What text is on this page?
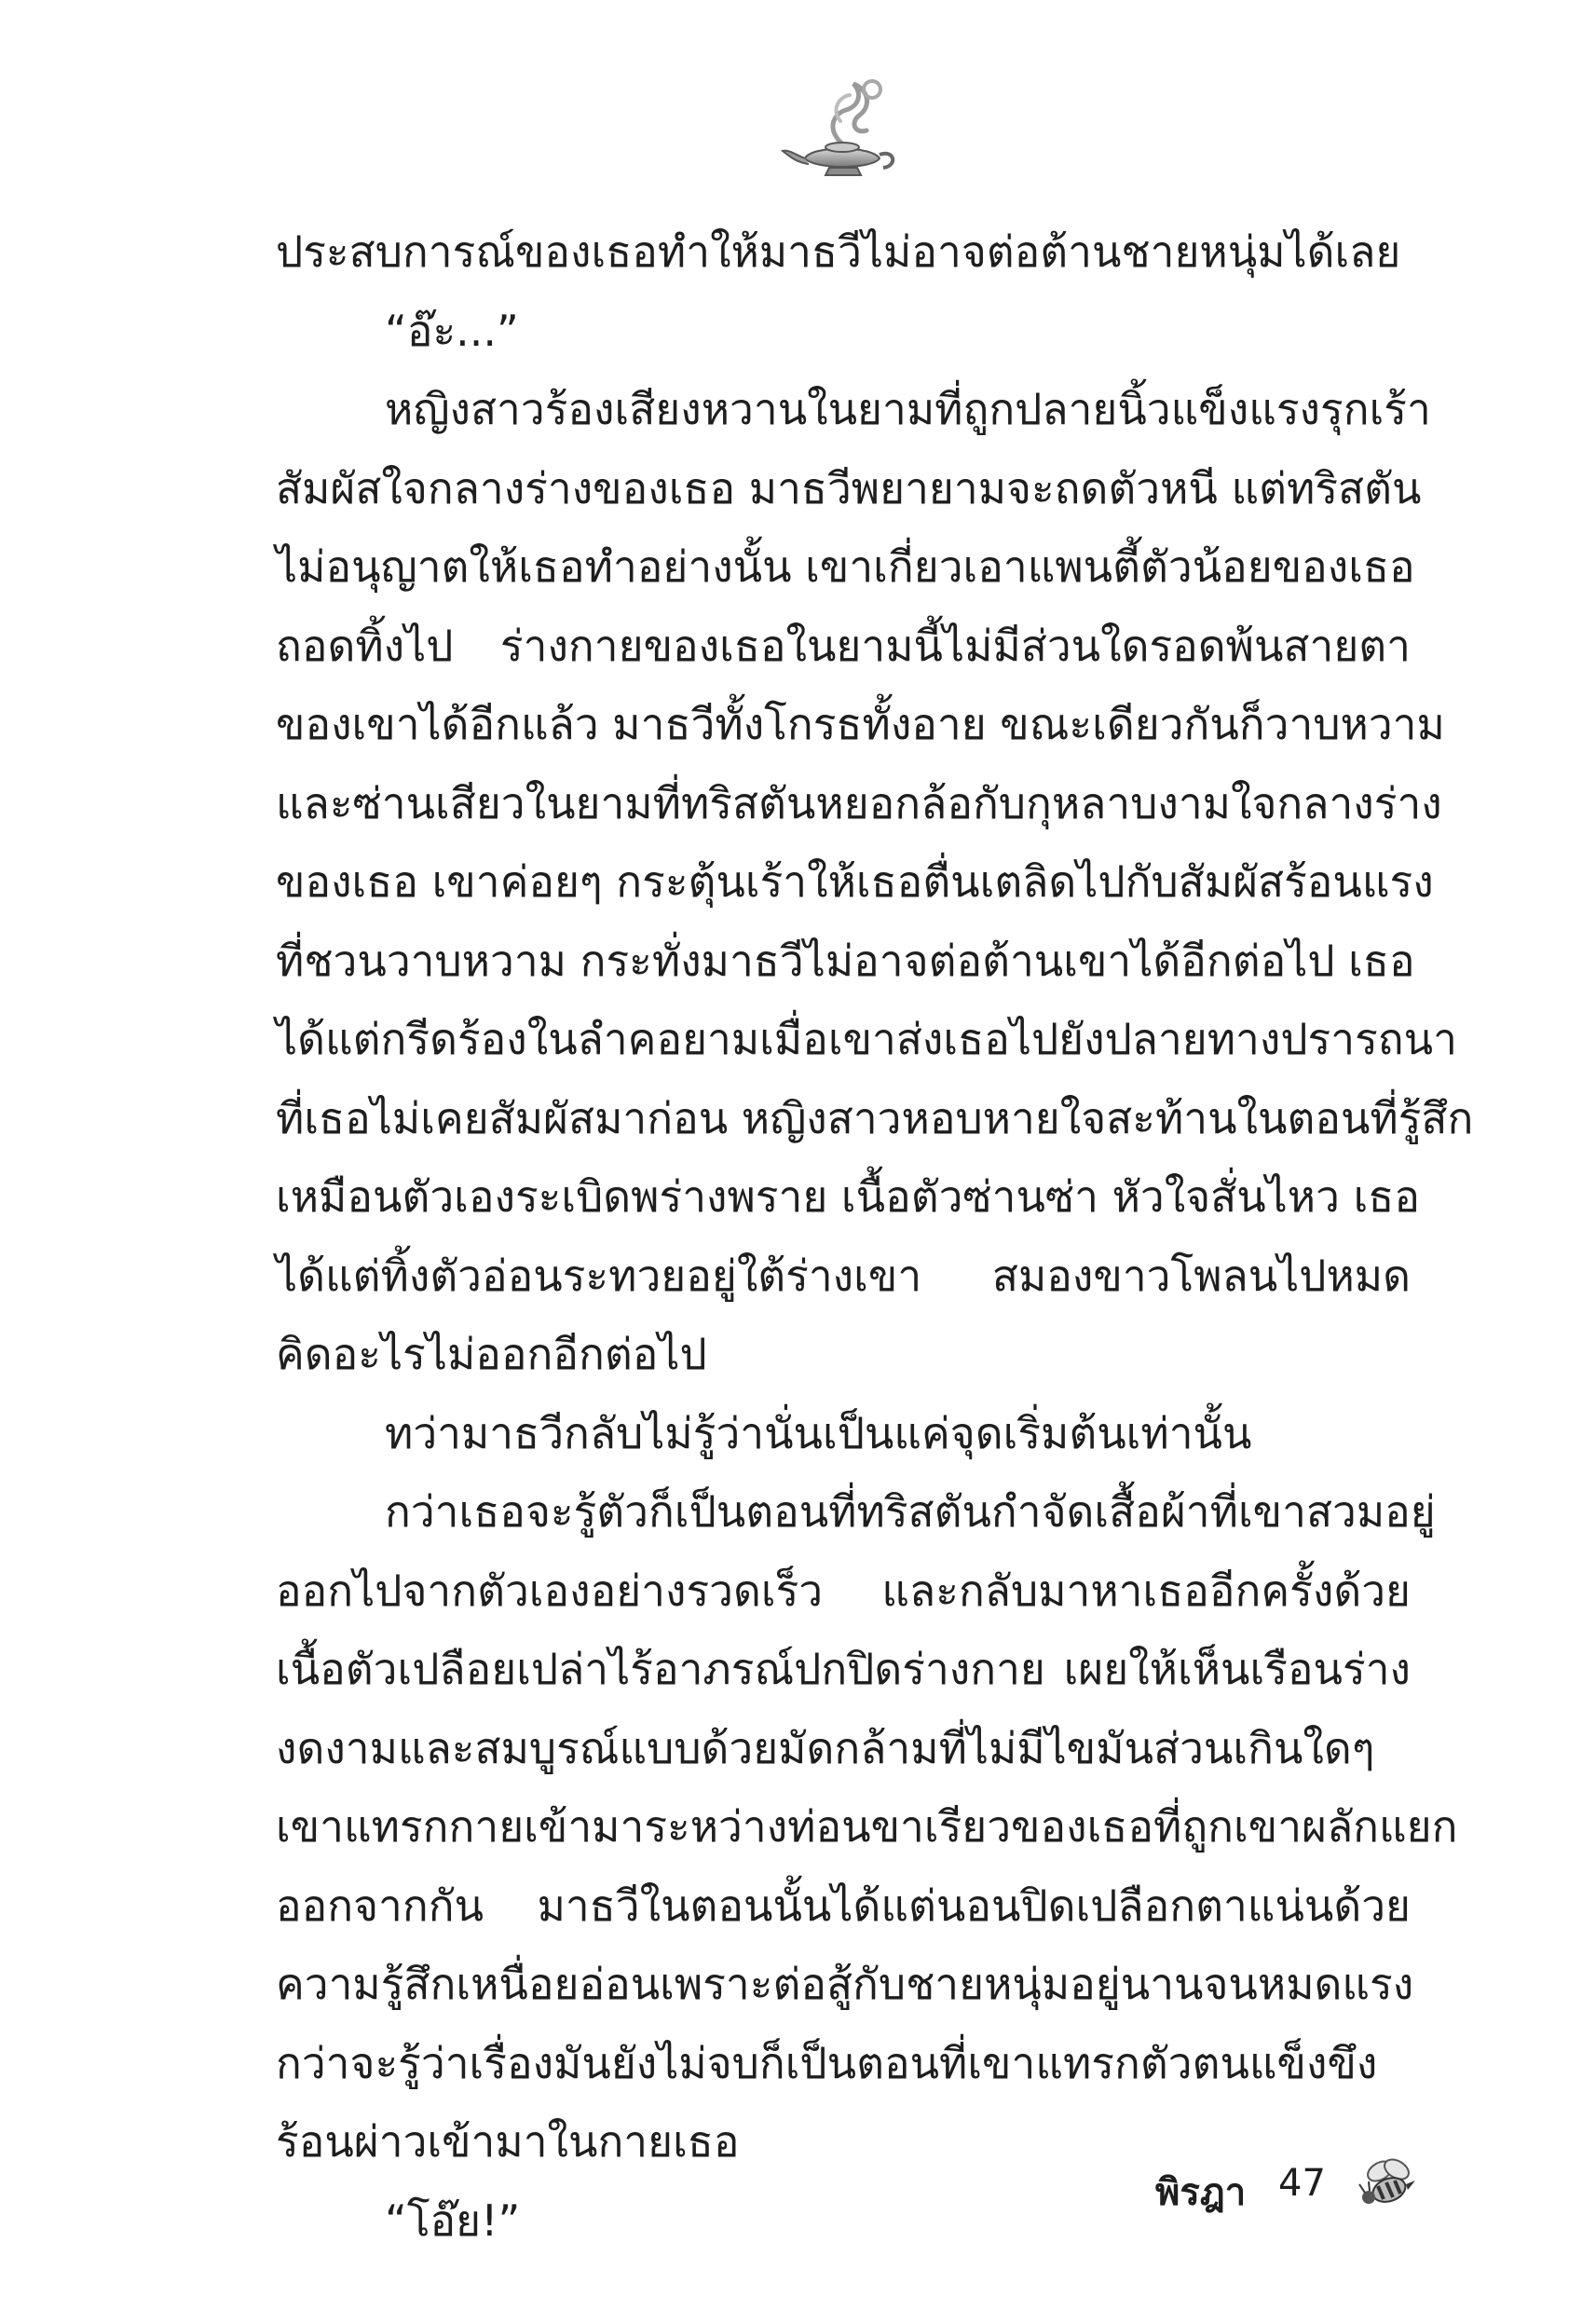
ประสบการณ์ของเธอทำให้มาธวีไม่อาจต่อต้านชายหนุ่มได้เลย
“อ๊ะ...”
หญิงสาวร้องเสียงหวานในยามที่ถูกปลายนิ้วแข็งแรงรุกเร้า
สัมผัสใจกลางร่างของเธอ มาธวีพยายามจะถดตัวหนี แต่ทริสตัน
ไม่อนุญาตให้เธอทำอย่างนั้น เขาเกี่ยวเอาแพนตี้ตัวน้อยของเธอ
ถอดทิ้งไป ร่างกายของเธอในยามนี้ไม่มีส่วนใดรอดพ้นสายตา
ของเขาได้อีกแล้ว มาธวีทั้งโกรธทั้งอาย ขณะเดียวกันก็วาบหวาม
และซ่านเสียวในยามที่ทริสตันหยอกล้อกับกุหลาบงามใจกลางร่าง
ของเธอ เขาค่อยๆ กระตุ้นเร้าให้เธอตื่นเตลิดไปกับสัมผัสร้อนแรง
ที่ชวนวาบหวาม กระทั่งมาธวีไม่อาจต่อต้านเขาได้อีกต่อไป เธอ
ได้แต่กรีดร้องในลำคอยามเมื่อเขาส่งเธอไปยังปลายทางปรารถนา
ที่เธอไม่เคยสัมผัสมาก่อน หญิงสาวหอบหายใจสะท้านในตอนที่รู้สึก
เหมือนตัวเองระเบิดพร่างพราย เนื้อตัวซ่านซ่า หัวใจสั่นไหว เธอ
ได้แต่ทิ้งตัวอ่อนระทวยอยู่ใต้ร่างเขา สมองขาวโพลนไปหมด
คิดอะไรไม่ออกอีกต่อไป
ทว่ามาธวีกลับไม่รู้ว่านั่นเป็นแค่จุดเริ่มต้นเท่านั้น
กว่าเธอจะรู้ตัวก็เป็นตอนที่ทริสตันกำจัดเสื้อผ้าที่เขาสวมอยู่
ออกไปจากตัวเองอย่างรวดเร็ว และกลับมาหาเธออีกครั้งด้วย
เนื้อตัวเปลือยเปล่าไร้อาภรณ์ปกปิดร่างกาย เผยให้เห็นเรือนร่าง
งดงามและสมบูรณ์แบบด้วยมัดกล้ามที่ไม่มีไขมันส่วนเกินใดๆ
เขาแทรกกายเข้ามาระหว่างท่อนขาเรียวของเธอที่ถูกเขาผลักแยก
ออกจากกัน มาธวีในตอนนั้นได้แต่นอนปิดเปลือกตาแน่นด้วย
ความรู้สึกเหนื่อยอ่อนเพราะต่อสู้กับชายหนุ่มอยู่นานจนหมดแรง
กว่าจะรู้ว่าเรื่องมันยังไม่จบก็เป็นตอนที่เขาแทรกตัวตนแข็งขึง
ร้อนผ่าวเข้ามาในกายเธอ
“โอ๊ย!”
พิรฎา 47
